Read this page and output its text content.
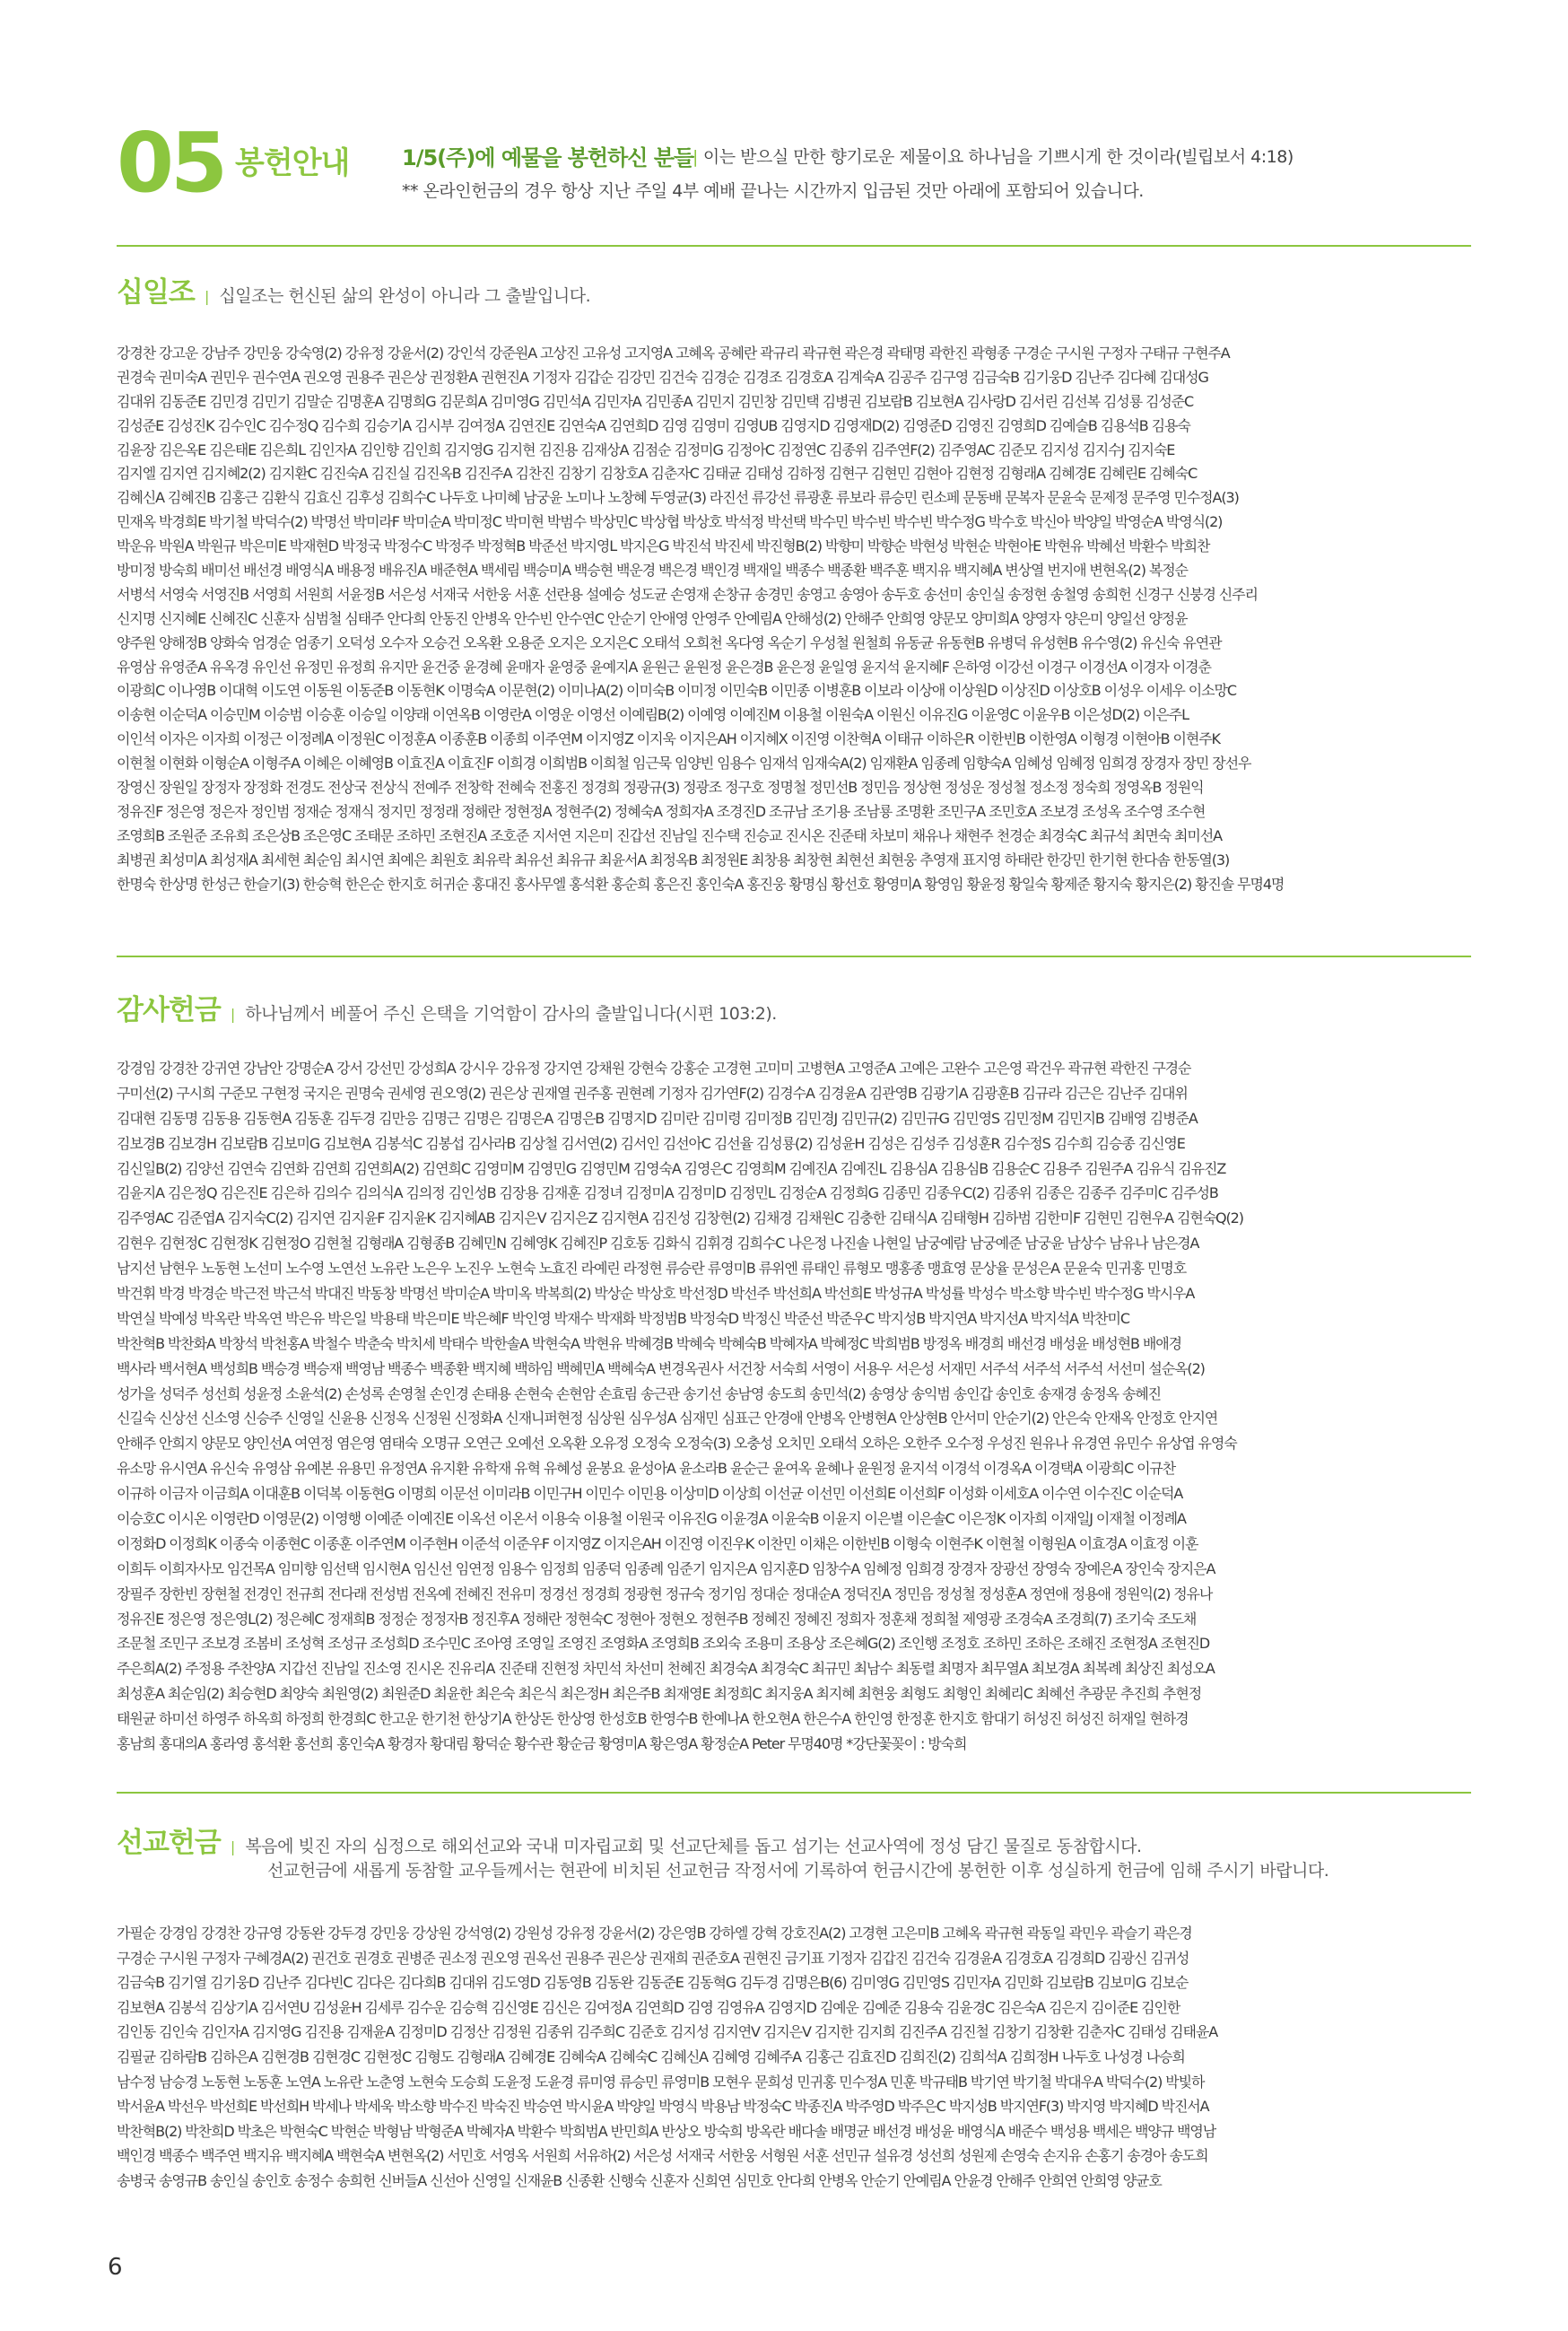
05 봉헌안내 1/5(주)에 예물을 봉헌하신 분들
| 이는 받으실 만한 향기로운 제물이요 하나님을 기쁘시게 한 것이라(빌립보서 4:18)
** 온라인헌금의 경우 항상 지난 주일 4부 예배 끝나는 시간까지 입금된 것만 아래에 포함되어 있습니다.
십일조 | 십일조는 헌신된 삶의 완성이 아니라 그 출발입니다.
강경찬 강고운 강남주 강민웅 강숙영(2) 강유정 강윤서(2) 강인석 강준원A 고상진 고유성 고지영A 고혜옥 공혜란 곽규리 곽규현 곽은경 곽태명 곽한진 곽형종 구경순 구시원 구정자 구태규 구현주A
권경숙 권미숙A 권민우 권수연A 권오영 권용주 권은상 권정환A 권현진A 기정자 김갑순 김강민 김건숙 김경순 김경조 김경호A 김계숙A 김공주 김구영 김금숙B 김기웅D 김난주 김다혜 김대성G
김대위 김동준E 김민경 김민기 김말순 김명훈A 김명희G 김문희A 김미영G 김민석A 김민자A 김민종A 김민지 김민창 김민택 김병권 김보람B 김보현A 김사랑D 김서린 김선복 김성룡 김성준C
김성준E 김성진K 김수인C 김수정Q 김수희 김승기A 김시부 김여정A 김연진E 김연숙A 김연희D 김영 김영미 김영UB 김영지D 김영재D(2) 김영준D 김영진 김영희D 김예슬B 김용석B 김용숙
김윤장 김은옥E 김은태E 김은희L 김인자A 김인향 김인희 김지영G 김지현 김진용 김재상A 김점순 김정미G 김정아C 김정연C 김종위 김주연F(2) 김주영AC 김준모 김지성 김지수J 김지숙E
김지엘 김지연 김지혜2(2) 김지환C 김진숙A 김진실 김진옥B 김진주A 김찬진 김창기 김창호A 김춘자C 김태균 김태성 김하정 김현구 김현민 김현아 김현정 김형래A 김혜경E 김혜린E 김혜숙C
김혜신A 김혜진B 김홍근 김환식 김효신 김후성 김희수C 나두호 나미혜 남궁윤 노미나 노창혜 두영균(3) 라진선 류강선 류광훈 류보라 류승민 린소페 문동배 문복자 문윤숙 문제정 문주영 민수정A(3)
민재옥 박경희E 박기철 박덕수(2) 박명선 박미라F 박미순A 박미정C 박미현 박범수 박상민C 박상협 박상호 박석정 박선택 박수민 박수빈 박수빈 박수정G 박수호 박신아 박양일 박영순A 박영식(2)
박운유 박원A 박원규 박은미E 박재현D 박정국 박정수C 박정주 박정혁B 박준선 박지영L 박지은G 박진석 박진세 박진형B(2) 박향미 박향순 박현성 박현순 박현아E 박현유 박혜선 박환수 박희찬
방미정 방숙희 배미선 배선경 배영식A 배용정 배유진A 배준현A 백세림 백승미A 백승현 백운경 백은경 백인경 백재일 백종수 백종환 백주훈 백지유 백지혜A 변상열 번지애 변현옥(2) 복정순
서병석 서영숙 서영진B 서영희 서원희 서윤정B 서은성 서재국 서한웅 서훈 선란용 설예승 성도균 손영재 손창규 송경민 송영고 송영아 송두호 송선미 송인실 송정현 송철영 송희헌 신경구 신붕경 신주리
신지명 신지혜E 신혜진C 신훈자 심범철 심태주 안다희 안동진 안병옥 안수빈 안수연C 안순기 안애영 안영주 안예림A 안해성(2) 안해주 안희영 양문모 양미희A 양영자 양은미 양일선 양정윤
양주원 양해정B 양화숙 엄경순 엄종기 오덕성 오수자 오승건 오옥환 오용준 오지은 오지은C 오태석 오희천 옥다영 옥순기 우성철 원철희 유동균 유동현B 유병덕 유성현B 유수영(2) 유신숙 유연관
유영삼 유영준A 유옥경 유인선 유정민 유정희 유지만 윤건중 윤경혜 윤매자 윤영중 윤예지A 윤원근 윤원정 윤은경B 윤은정 윤일영 윤지석 윤지혜F 은하영 이강선 이경구 이경선A 이경자 이경춘
이광희C 이나영B 이대혁 이도연 이동원 이동준B 이동현K 이명숙A 이문현(2) 이미나A(2) 이미숙B 이미정 이민숙B 이민종 이병훈B 이보라 이상애 이상원D 이상진D 이상호B 이성우 이세우 이소망C
이송현 이순덕A 이승민M 이승범 이승훈 이승일 이양래 이연옥B 이영란A 이영운 이영선 이예림B(2) 이예영 이예진M 이용철 이원숙A 이원신 이유진G 이윤영C 이윤우B 이은성D(2) 이은주L
이인석 이자은 이자희 이정근 이정례A 이정원C 이정훈A 이종훈B 이종희 이주연M 이지영Z 이지욱 이지은AH 이지혜X 이진영 이찬혁A 이태규 이하은R 이한빈B 이한영A 이형경 이현아B 이현주K
이현철 이현화 이형순A 이형주A 이혜은 이혜영B 이효진A 이효진F 이희경 이희범B 이희철 임근묵 임양빈 임용수 임재석 임재숙A(2) 임재환A 임종례 임향숙A 임혜성 임혜정 임희경 장경자 장민 장선우
장영신 장원일 장정자 장정화 전경도 전상국 전상식 전예주 전창학 전혜숙 전홍진 정경희 정광규(3) 정광조 정구호 정명철 정민선B 정민음 정상현 정성운 정성철 정소정 정숙희 정영옥B 정원익
정유진F 정은영 정은자 정인범 정재순 정재식 정지민 정정래 정해란 정현정A 정현주(2) 정혜숙A 정희자A 조경진D 조규남 조기용 조남룡 조명환 조민구A 조민호A 조보경 조성옥 조수영 조수현
조영희B 조원준 조유희 조은상B 조은영C 조태문 조하민 조현진A 조호준 지서연 지은미 진갑선 진남일 진수택 진승교 진시온 진준태 차보미 채유나 채현주 천경순 최경숙C 최규석 최면숙 최미선A
최병권 최성미A 최성재A 최세현 최순임 최시연 최예은 최원호 최유락 최유선 최유규 최윤서A 최정옥B 최정원E 최창용 최창현 최현선 최현웅 추영재 표지영 하태란 한강민 한기현 한다솜 한동열(3)
한명숙 한상명 한성근 한슬기(3) 한승혁 한은순 한지호 허귀순 홍대진 홍사무엘 홍석환 홍순희 홍은진 홍인숙A 홍진웅 황명심 황선호 황영미A 황영임 황윤정 황일숙 황제준 황지숙 황지은(2) 황진솔 무명4명
감사헌금 | 하나님께서 베풀어 주신 은택을 기억함이 감사의 출발입니다(시편 103:2).
강경임 강경찬 강귀연 강남안 강명순A 강서 강선민 강성희A 강시우 강유정 강지연 강채원 강현숙 강홍순 고경현 고미미 고병현A 고영준A 고예은 고완수 고은영 곽건우 곽규현 곽한진 구경순
구미선(2) 구시희 구준모 구현정 국지은 권명숙 권세영 권오영(2) 권은상 권재열 권주홍 권현례 기정자 김가연F(2) 김경수A 김경윤A 김관영B 김광기A 김광훈B 김규라 김근은 김난주 김대위
김대현 김동명 김동용 김동현A 김동훈 김두경 김만응 김명근 김명은 김명은A 김명은B 김명지D 김미란 김미령 김미정B 김민경J 김민규(2) 김민규G 김민영S 김민정M 김민지B 김배영 김병준A
김보경B 김보경H 김보람B 김보미G 김보현A 김봉석C 김봉섭 김사라B 김상철 김서연(2) 김서인 김선아C 김선율 김성룡(2) 김성윤H 김성은 김성주 김성훈R 김수정S 김수희 김승종 김신영E
김신일B(2) 김양선 김연숙 김연화 김연희 김연희A(2) 김연희C 김영미M 김영민G 김영민M 김영숙A 김영은C 김영희M 김예진A 김예진L 김용심A 김용심B 김용순C 김용주 김원주A 김유식 김유진Z
김윤지A 김은정Q 김은진E 김은하 김의수 김의식A 김의정 김인성B 김장용 김재훈 김정녀 김정미A 김정미D 김정민L 김정순A 김정희G 김종민 김종우C(2) 김종위 김종은 김종주 김주미C 김주성B
김주영AC 김준엽A 김지숙C(2) 김지연 김지윤F 김지윤K 김지혜AB 김지은V 김지은Z 김지현A 김진성 김창현(2) 김채경 김채원C 김충한 김태식A 김태형H 김하범 김한미F 김현민 김현우A 김현숙Q(2)
김현우 김현정C 김현정K 김현정O 김현철 김형래A 김형종B 김혜민N 김혜영K 김혜진P 김호동 김화식 김휘경 김희수C 나은정 나진솔 나현일 남궁예람 남궁예준 남궁윤 남상수 남유나 남은경A
남지선 남현우 노동현 노선미 노수영 노연선 노유란 노은우 노진우 노현숙 노효진 라예린 라정현 류승란 류영미B 류위엔 류태인 류형모 맹홍종 맹효영 문상율 문성은A 문윤숙 민귀홍 민명호
박건휘 박경 박경순 박근전 박근석 박대진 박동창 박명선 박미순A 박미옥 박복희(2) 박상순 박상호 박선정D 박선주 박선희A 박선희E 박성규A 박성률 박성수 박소향 박수빈 박수정G 박시우A
박연실 박예성 박옥란 박옥연 박은유 박은일 박용태 박은미E 박은혜F 박인영 박재수 박재화 박정범B 박정숙D 박정신 박준선 박준우C 박지성B 박지연A 박지선A 박지석A 박찬미C
박찬혁B 박찬화A 박창석 박천홍A 박철수 박춘숙 박치세 박태수 박한솔A 박현숙A 박현유 박혜경B 박혜숙 박혜숙B 박혜자A 박혜정C 박희범B 방정옥 배경희 배선경 배성윤 배성현B 배애경
백사라 백서현A 백성희B 백승경 백승재 백영남 백종수 백종환 백지혜 백하임 백혜민A 백혜숙A 변경옥권사 서건창 서숙희 서영이 서용우 서은성 서재민 서주석 서주석 서주석 서선미 설순옥(2)
성가을 성덕주 성선희 성윤정 소윤석(2) 손성록 손영철 손인경 손태용 손현숙 손현암 손효림 송근관 송기선 송남영 송도희 송민석(2) 송영상 송익범 송인갑 송인호 송재경 송정옥 송혜진
신길숙 신상선 신소영 신승주 신영일 신윤용 신정옥 신정원 신정화A 신재니퍼현정 심상원 심우성A 심재민 심표근 안경애 안병옥 안병현A 안상현B 안서미 안순기(2) 안은숙 안재옥 안정호 안지연
안해주 안희지 양문모 양인선A 여연정 염은영 염태숙 오명규 오연근 오예선 오옥환 오유정 오정숙 오정숙(3) 오충성 오치민 오태석 오하은 오한주 오수정 우성진 원유나 유경연 유민수 유상엽 유영숙
유소망 유시연A 유신숙 유영삼 유예본 유용민 유정연A 유지환 유학재 유혁 유혜성 윤봉요 윤성아A 윤소라B 윤순근 윤여옥 윤혜나 윤원정 윤지석 이경석 이경옥A 이경택A 이광희C 이규찬
이규하 이금자 이금희A 이대훈B 이덕복 이동현G 이명희 이문선 이미라B 이민구H 이민수 이민용 이상미D 이상희 이선균 이선민 이선희E 이선희F 이성화 이세호A 이수연 이수진C 이순덕A
이승호C 이시온 이영란D 이영문(2) 이영행 이예준 이예진E 이옥선 이온서 이용숙 이용철 이원국 이유진G 이윤경A 이윤숙B 이윤지 이은별 이은솔C 이은정K 이자희 이재일J 이재철 이정례A
이정화D 이정희K 이종숙 이종현C 이종훈 이주연M 이주현H 이준석 이준우F 이지영Z 이지은AH 이진영 이진우K 이찬민 이채은 이한빈B 이형숙 이현주K 이현철 이형원A 이효경A 이효정 이훈
이희두 이희자사모 임건목A 임미향 임선택 임시현A 임신선 임연정 임용수 임정희 임종덕 임종례 임준기 임지은A 임지훈D 임창수A 임혜정 임희경 장경자 장광선 장영숙 장예은A 장인숙 장지은A
장필주 장한빈 장현철 전경인 전규희 전다래 전성범 전옥예 전혜진 전유미 정경선 정경희 정광현 정규숙 정기임 정대순 정대순A 정덕진A 정민음 정성철 정성훈A 정연애 정용애 정원익(2) 정유나
정유진E 정은영 정은영L(2) 정은혜C 정재희B 정정순 정정자B 정진후A 정해란 정현숙C 정현아 정현오 정현주B 정혜진 정혜진 정희자 정훈채 정희철 제영광 조경숙A 조경희(7) 조기숙 조도채
조문철 조민구 조보경 조봄비 조성혁 조성규 조성희D 조수민C 조아영 조영일 조영진 조영화A 조영희B 조외숙 조용미 조용상 조은혜G(2) 조인행 조정호 조하민 조하은 조해진 조현정A 조현진D
주은희A(2) 주정용 주찬양A 지갑선 진남일 진소영 진시온 진유리A 진준태 진현정 차민석 차선미 천혜진 최경숙A 최경숙C 최규민 최남수 최동렬 최명자 최무열A 최보경A 최복례 최상진 최성오A
최성훈A 최순임(2) 최승현D 최양숙 최원영(2) 최원준D 최윤한 최은숙 최은식 최은정H 최은주B 최재영E 최정희C 최지웅A 최지혜 최현웅 최형도 최형인 최혜리C 최혜선 추광문 추진희 추현정
태원균 하미선 하영주 하옥희 하정희 한경희C 한고운 한기천 한상기A 한상돈 한상영 한성호B 한영수B 한예나A 한오현A 한은수A 한인영 한정훈 한지호 함대기 허성진 허성진 허재일 현하경
홍남희 홍대의A 홍라영 홍석환 홍선희 홍인숙A 황경자 황대림 황덕순 황수관 황순금 황영미A 황은영A 황정순A Peter 무명40명 *강단꽃꽂이 : 방숙희
선교헌금 | 복음에 빚진 자의 심정으로 해외선교와 국내 미자립교회 및 선교단체를 돕고 섬기는 선교사역에 정성 담긴 물질로 동참합시다.
선교헌금에 새롭게 동참할 교우들께서는 현관에 비치된 선교헌금 작정서에 기록하여 헌금시간에 봉헌한 이후 성실하게 헌금에 임해 주시기 바랍니다.
가필순 강경임 강경찬 강규영 강동완 강두경 강민웅 강상원 강석영(2) 강원성 강유정 강윤서(2) 강은영B 강하엘 강혁 강호진A(2) 고경현 고은미B 고혜옥 곽규현 곽동일 곽민우 곽슬기 곽은경
구경순 구시원 구정자 구혜경A(2) 권건호 권경호 권병준 권소정 권오영 권옥선 권용주 권은상 권재희 권준호A 권현진 금기표 기정자 김갑진 김건숙 김경윤A 김경호A 김경희D 김광신 김귀성
김금숙B 김기열 김기웅D 김난주 김다빈C 김다은 김다희B 김대위 김도영D 김동영B 김동완 김동준E 김동혁G 김두경 김명은B(6) 김미영G 김민영S 김민자A 김민화 김보람B 김보미G 김보순
김보현A 김봉석 김상기A 김서연U 김성윤H 김세루 김수운 김승혁 김신영E 김신은 김여정A 김연희D 김영 김영유A 김영지D 김예운 김예준 김용숙 김윤경C 김은숙A 김은지 김이준E 김인한
김인동 김인숙 김인자A 김지영G 김진용 김재윤A 김정미D 김정산 김정원 김종위 김주희C 김준호 김지성 김지연V 김지은V 김지한 김지희 김진주A 김진철 김창기 김창환 김춘자C 김태성 김태윤A
김필균 김하람B 김하은A 김현경B 김현경C 김현정C 김형도 김형래A 김혜경E 김혜숙A 김혜숙C 김혜신A 김혜영 김혜주A 김홍근 김효진D 김희진(2) 김희석A 김희정H 나두호 나성경 나승희
남수정 남승경 노동현 노동훈 노연A 노유란 노춘영 노현숙 도승희 도윤정 도윤경 류미영 류승민 류영미B 모현우 문희성 민귀홍 민수정A 민훈 박규태B 박기연 박기철 박대우A 박덕수(2) 박빛하
박서윤A 박선우 박선희E 박선희H 박세나 박세욱 박소향 박수진 박숙진 박승연 박시윤A 박양일 박영식 박용남 박정숙C 박종진A 박주영D 박주은C 박지성B 박지연F(3) 박지영 박지혜D 박진서A
박찬혁B(2) 박찬희D 박초은 박현숙C 박현순 박형남 박형준A 박혜자A 박환수 박희범A 반민희A 반상오 방숙희 방옥란 배다솔 배명균 배선경 배성윤 배영식A 배준수 백성용 백세은 백양규 백영남
백인경 백종수 백주연 백지유 백지혜A 백현숙A 변현옥(2) 서민호 서영옥 서원희 서유하(2) 서은성 서재국 서한웅 서형원 서훈 선민규 설유경 성선희 성원제 손영숙 손지유 손홍기 송경아 송도희
송병국 송영규B 송인실 송인호 송정수 송희헌 신버들A 신선아 신영일 신재윤B 신종환 신행숙 신훈자 신희연 심민호 안다희 안병옥 안순기 안예림A 안윤경 안해주 안희연 안희영 양균호
6
